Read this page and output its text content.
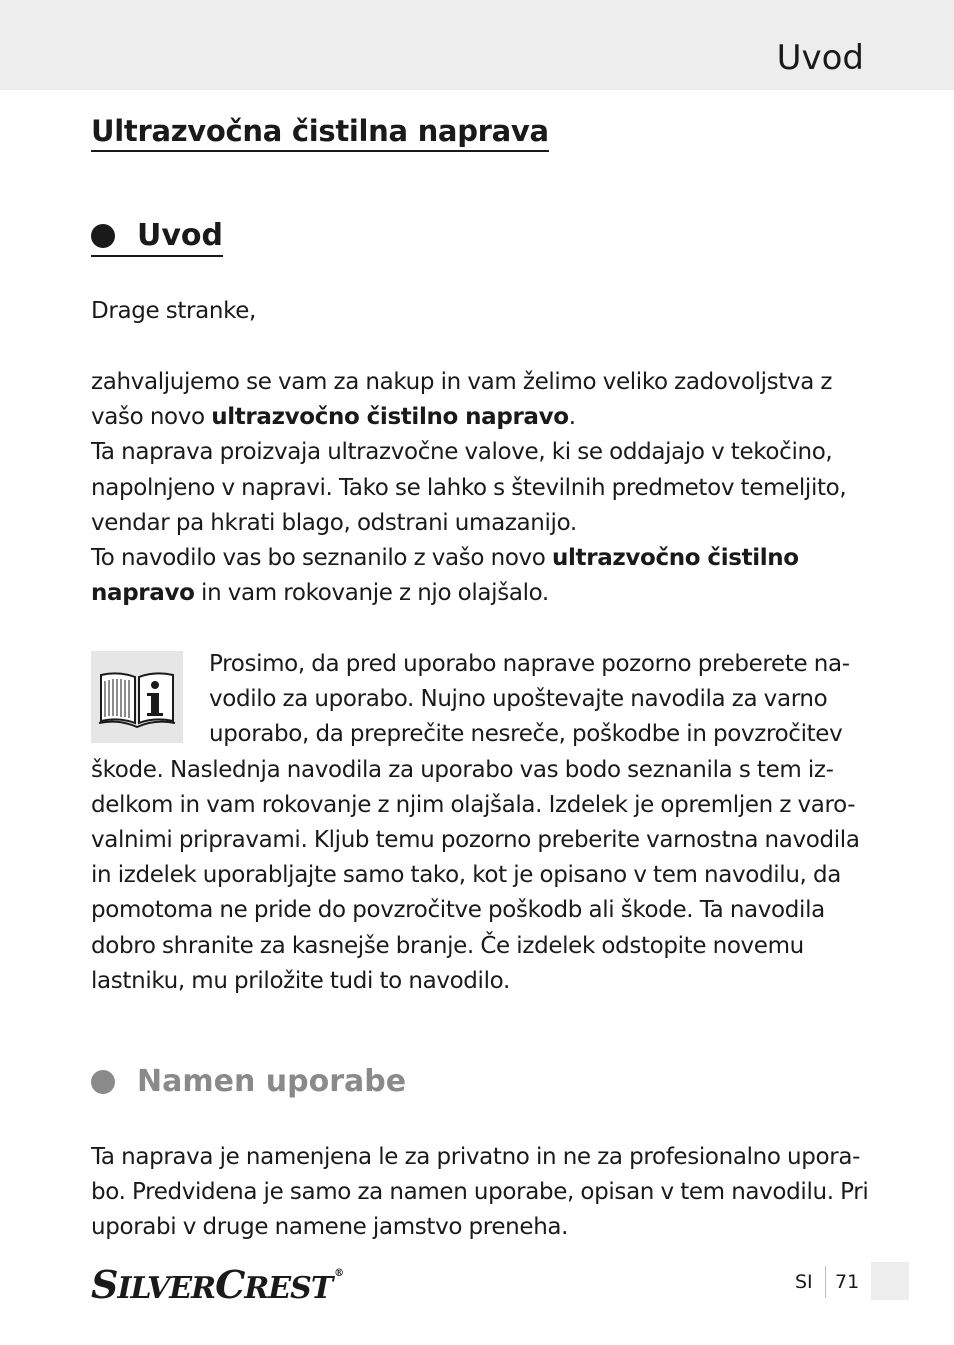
Uvod
Ultrazvočna čistilna naprava
Uvod
Drage stranke,
zahvaljujemo se vam za nakup in vam želimo veliko zadovoljstva z
vašo novo ultrazvočno čistilno napravo.
Ta naprava proizvaja ultrazvočne valove, ki se oddajajo v tekočino,
napolnjeno v napravi. Tako se lahko s številnih predmetov temeljito,
vendar pa hkrati blago, odstrani umazanijo.
To navodilo vas bo seznanilo z vašo novo ultrazvočno čistilno
napravo in vam rokovanje z njo olajšalo.
Prosimo, da pred uporabo naprave pozorno preberete na-
vodilo za uporabo. Nujno upoštevajte navodila za varno
uporabo, da preprečite nesreče, poškodbe in povzročitev
škode. Naslednja navodila za uporabo vas bodo seznanila s tem iz-
delkom in vam rokovanje z njim olajšala. Izdelek je opremljen z varo-
valnimi pripravami. Kljub temu pozorno preberite varnostna navodila
in izdelek uporabljajte samo tako, kot je opisano v tem navodilu, da
pomotoma ne pride do povzročitve poškodb ali škode. Ta navodila
dobro shranite za kasnejše branje. Če izdelek odstopite novemu
lastniku, mu priložite tudi to navodilo.
Namen uporabe
Ta naprava je namenjena le za privatno in ne za profesionalno upora-
bo. Predvidena je samo za namen uporabe, opisan v tem navodilu. Pri
uporabi v druge namene jamstvo preneha.
SILVERCREST ®	SI 71
